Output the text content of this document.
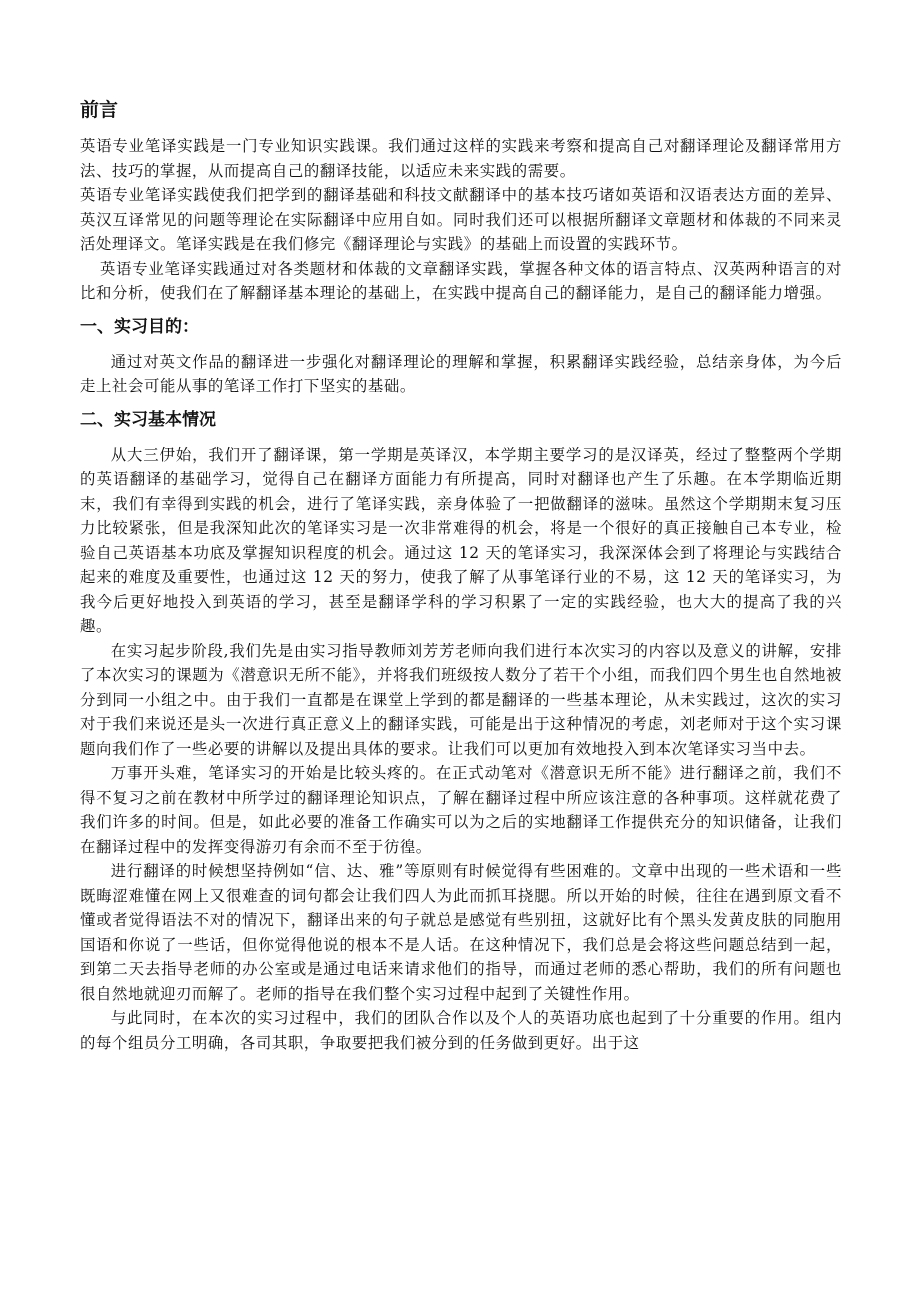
前言

英语专业笔译实践是一门专业知识实践课。我们通过这样的实践来考察和提高自己对翻译理论及翻译常用方法、技巧的掌握，从而提高自己的翻译技能，以适应未来实践的需要。

英语专业笔译实践使我们把学到的翻译基础和科技文献翻译中的基本技巧诸如英语和汉语表达方面的差异、英汉互译常见的问题等理论在实际翻译中应用自如。同时我们还可以根据所翻译文章题材和体裁的不同来灵活处理译文。笔译实践是在我们修完《翻译理论与实践》的基础上而设置的实践环节。

英语专业笔译实践通过对各类题材和体裁的文章翻译实践，掌握各种文体的语言特点、汉英两种语言的对比和分析，使我们在了解翻译基本理论的基础上，在实践中提高自己的翻译能力，是自己的翻译能力增强。

一、实习目的：

通过对英文作品的翻译进一步强化对翻译理论的理解和掌握，积累翻译实践经验，总结亲身体，为今后走上社会可能从事的笔译工作打下坚实的基础。

二、实习基本情况

从大三伊始，我们开了翻译课，第一学期是英译汉，本学期主要学习的是汉译英，经过了整整两个学期的英语翻译的基础学习，觉得自己在翻译方面能力有所提高，同时对翻译也产生了乐趣。在本学期临近期末，我们有幸得到实践的机会，进行了笔译实践，亲身体验了一把做翻译的滋味。虽然这个学期期末复习压力比较紧张，但是我深知此次的笔译实习是一次非常难得的机会，将是一个很好的真正接触自己本专业，检验自己英语基本功底及掌握知识程度的机会。通过这 12 天的笔译实习，我深深体会到了将理论与实践结合起来的难度及重要性，也通过这 12 天的努力，使我了解了从事笔译行业的不易，这 12 天的笔译实习，为我今后更好地投入到英语的学习，甚至是翻译学科的学习积累了一定的实践经验，也大大的提高了我的兴趣。

在实习起步阶段,我们先是由实习指导教师刘芳芳老师向我们进行本次实习的内容以及意义的讲解，安排了本次实习的课题为《潜意识无所不能》，并将我们班级按人数分了若干个小组，而我们四个男生也自然地被分到同一小组之中。由于我们一直都是在课堂上学到的都是翻译的一些基本理论，从未实践过，这次的实习对于我们来说还是头一次进行真正意义上的翻译实践，可能是出于这种情况的考虑，刘老师对于这个实习课题向我们作了一些必要的讲解以及提出具体的要求。让我们可以更加有效地投入到本次笔译实习当中去。

万事开头难，笔译实习的开始是比较头疼的。在正式动笔对《潜意识无所不能》进行翻译之前，我们不得不复习之前在教材中所学过的翻译理论知识点，了解在翻译过程中所应该注意的各种事项。这样就花费了我们许多的时间。但是，如此必要的准备工作确实可以为之后的实地翻译工作提供充分的知识储备，让我们在翻译过程中的发挥变得游刃有余而不至于彷徨。

进行翻译的时候想坚持例如“信、达、雅”等原则有时候觉得有些困难的。文章中出现的一些术语和一些既晦涩难懂在网上又很难查的词句都会让我们四人为此而抓耳挠腮。所以开始的时候，往往在遇到原文看不懂或者觉得语法不对的情况下，翻译出来的句子就总是感觉有些别扭，这就好比有个黑头发黄皮肤的同胞用国语和你说了一些话，但你觉得他说的根本不是人话。在这种情况下，我们总是会将这些问题总结到一起，到第二天去指导老师的办公室或是通过电话来请求他们的指导，而通过老师的悉心帮助，我们的所有问题也很自然地就迎刃而解了。老师的指导在我们整个实习过程中起到了关键性作用。

与此同时，在本次的实习过程中，我们的团队合作以及个人的英语功底也起到了十分重要的作用。组内的每个组员分工明确，各司其职，争取要把我们被分到的任务做到更好。出于这
